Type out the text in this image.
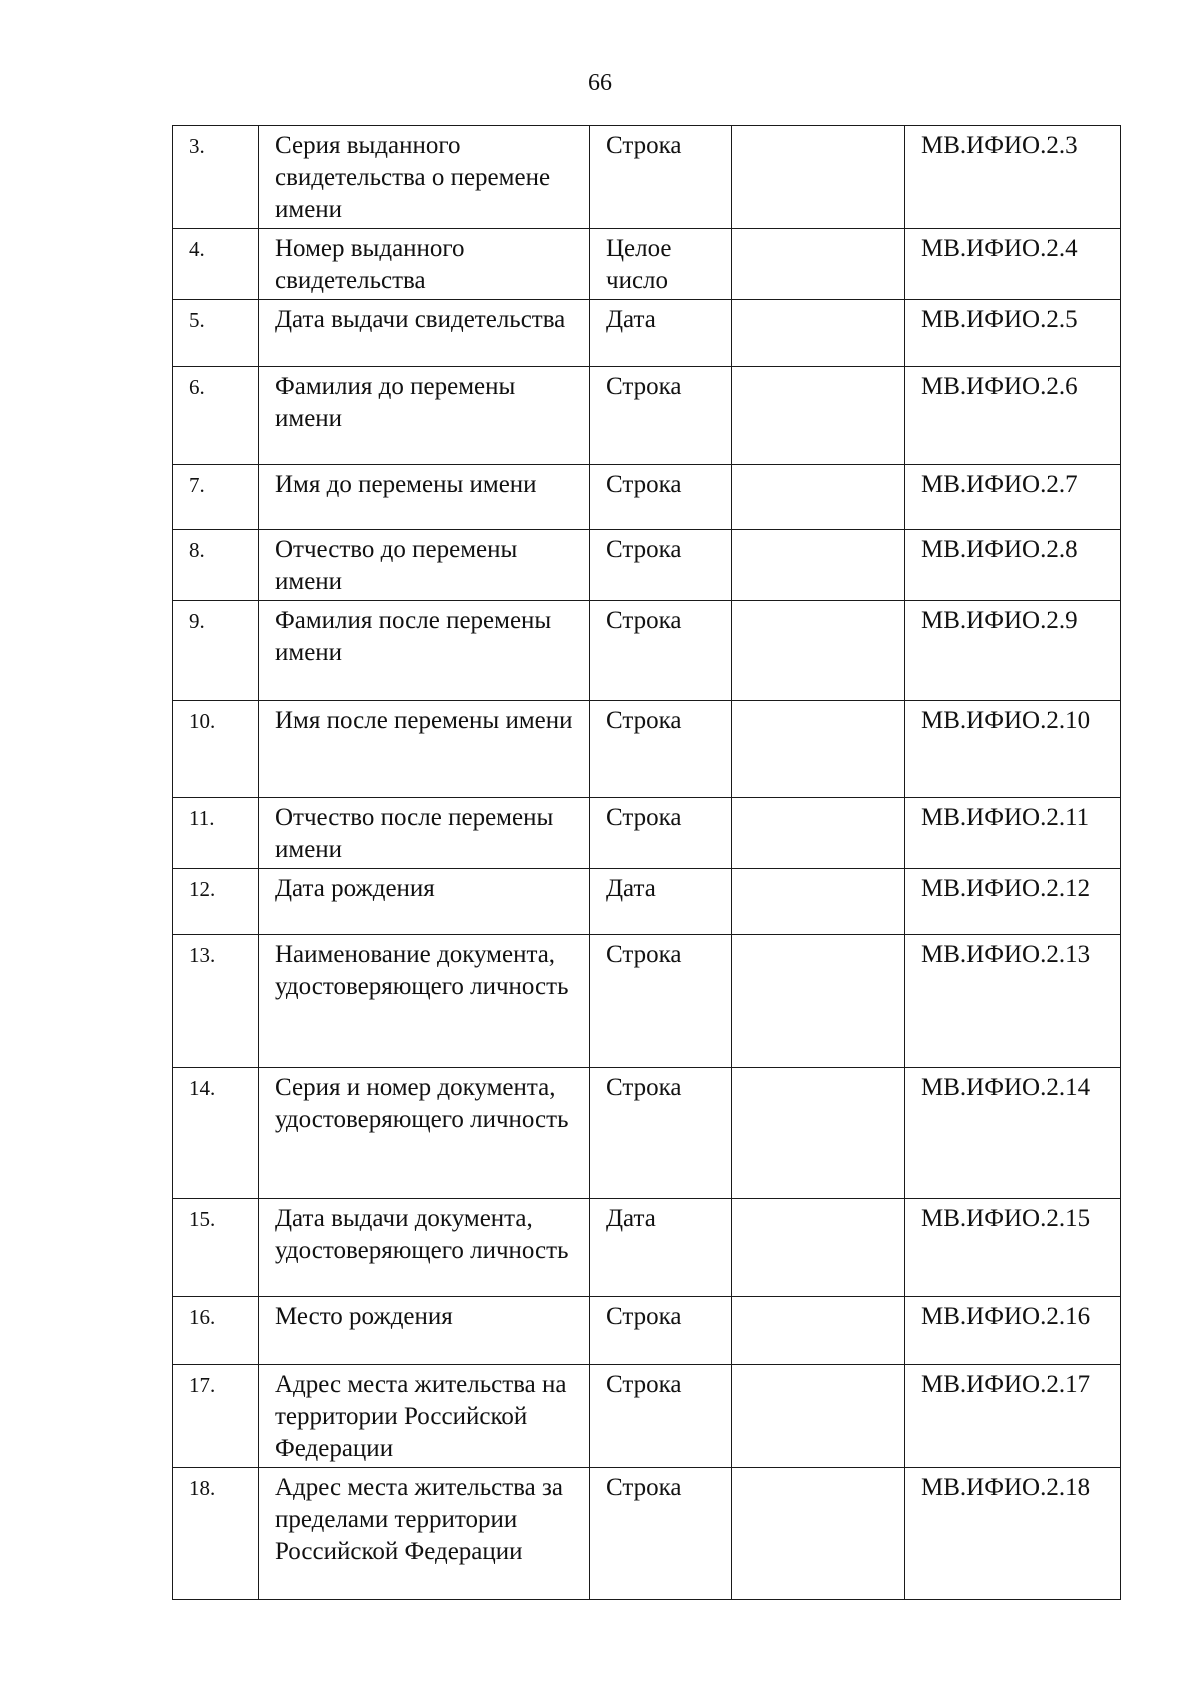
66
3.	Серия выданного свидетельства о перемене имени	Строка		МВ.ИФИО.2.3
4.	Номер выданного свидетельства	Целое число		МВ.ИФИО.2.4
5.	Дата выдачи свидетельства	Дата		МВ.ИФИО.2.5
6.	Фамилия до перемены имени	Строка		МВ.ИФИО.2.6
7.	Имя до перемены имени	Строка		МВ.ИФИО.2.7
8.	Отчество до перемены имени	Строка		МВ.ИФИО.2.8
9.	Фамилия после перемены имени	Строка		МВ.ИФИО.2.9
10.	Имя после перемены имени	Строка		МВ.ИФИО.2.10
11.	Отчество после перемены имени	Строка		МВ.ИФИО.2.11
12.	Дата рождения	Дата		МВ.ИФИО.2.12
13.	Наименование документа, удостоверяющего личность	Строка		МВ.ИФИО.2.13
14.	Серия и номер документа, удостоверяющего личность	Строка		МВ.ИФИО.2.14
15.	Дата выдачи документа, удостоверяющего личность	Дата		МВ.ИФИО.2.15
16.	Место рождения	Строка		МВ.ИФИО.2.16
17.	Адрес места жительства на территории Российской Федерации	Строка		МВ.ИФИО.2.17
18.	Адрес места жительства за пределами территории Российской Федерации	Строка		МВ.ИФИО.2.18
